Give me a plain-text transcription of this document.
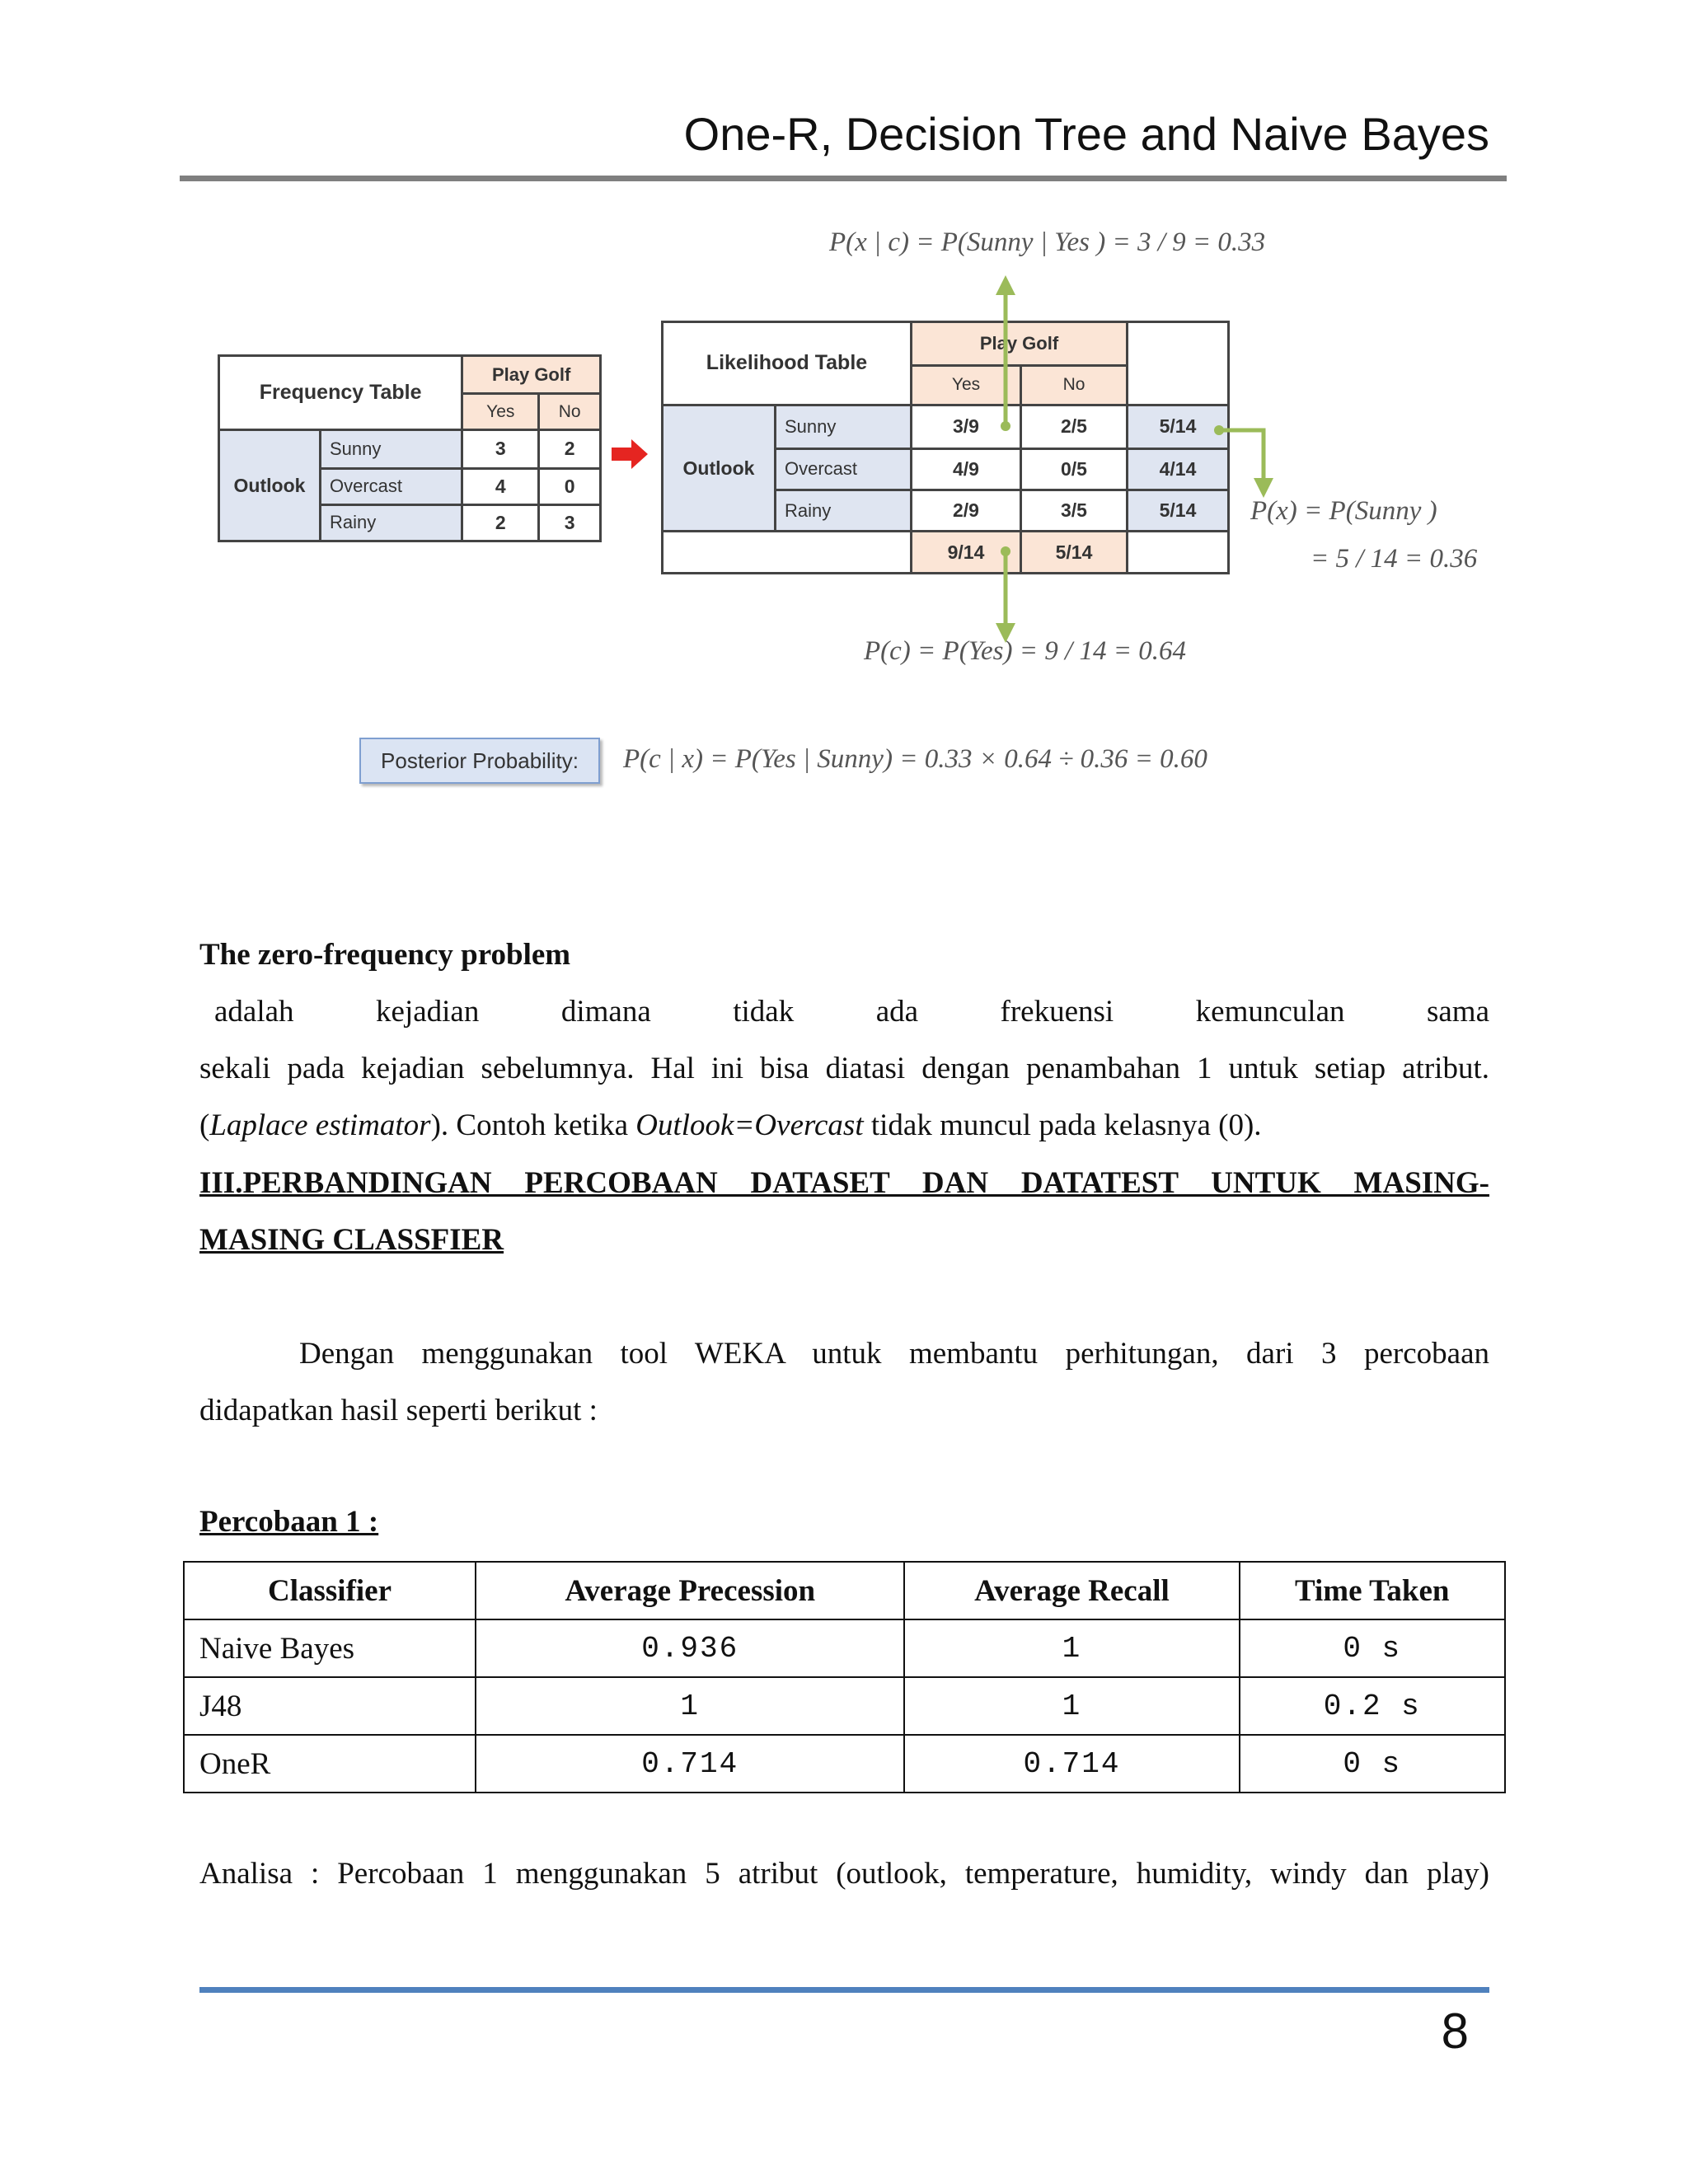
One-R, Decision Tree and Naive Bayes
Frequency Table		Play Golf	
		Yes	No
Outlook	Sunny	3	2
	Overcast	4	0
	Rainy	2	3
Likelihood Table		Play Golf		
		Yes	No	
Outlook	Sunny	3/9	2/5	5/14
	Overcast	4/9	0/5	4/14
	Rainy	2/9	3/5	5/14
		9/14	5/14	
P(x | c) = P(Sunny | Yes ) = 3 / 9 = 0.33
P(x) = P(Sunny )
= 5 / 14 = 0.36
P(c) = P(Yes) = 9 / 14 = 0.64
Posterior Probability:	P(c | x) = P(Yes | Sunny) = 0.33 × 0.64 ÷ 0.36 = 0.60
The zero-frequency problem
adalah kejadian dimana tidak ada frekuensi kemunculan sama
sekali pada kejadian sebelumnya. Hal ini bisa diatasi dengan penambahan 1 untuk setiap atribut.
(Laplace estimator). Contoh ketika Outlook=Overcast tidak muncul pada kelasnya (0).
III.PERBANDINGAN PERCOBAAN DATASET DAN DATATEST UNTUK MASING-
MASING CLASSFIER
Dengan menggunakan tool WEKA untuk membantu perhitungan, dari 3 percobaan
didapatkan hasil seperti berikut :
Percobaan 1 :
Classifier	Average Precession	Average Recall	Time Taken
Naive Bayes	0.936	1	0 s
J48	1	1	0.2 s
OneR	0.714	0.714	0 s
Analisa : Percobaan 1 menggunakan 5 atribut (outlook, temperature, humidity, windy dan play)
8
